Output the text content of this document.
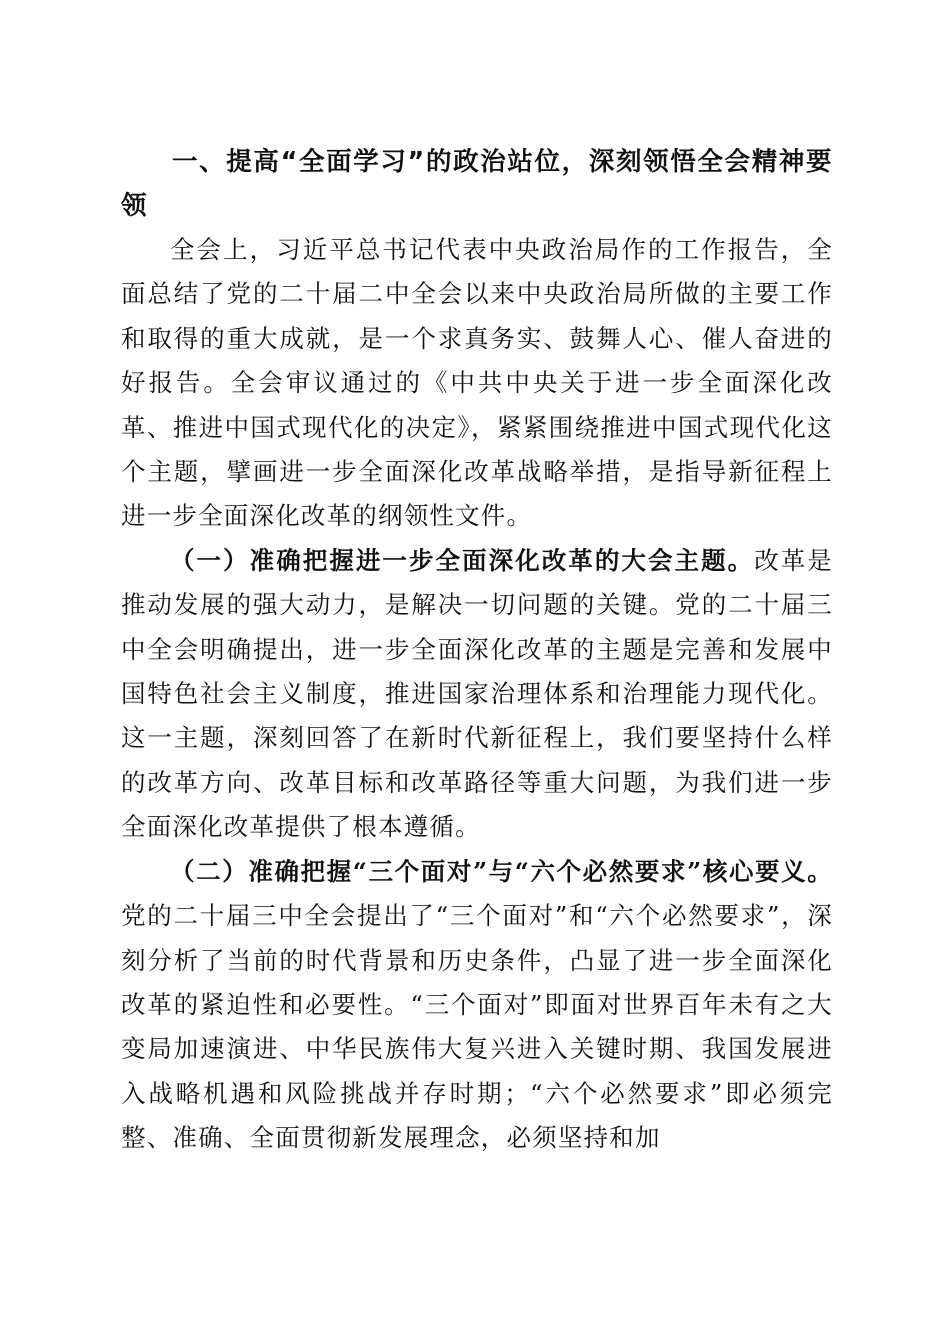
一、提高“全面学习”的政治站位，深刻领悟全会精神要领

全会上，习近平总书记代表中央政治局作的工作报告，全面总结了党的二十届二中全会以来中央政治局所做的主要工作和取得的重大成就，是一个求真务实、鼓舞人心、催人奋进的好报告。全会审议通过的《中共中央关于进一步全面深化改革、推进中国式现代化的决定》，紧紧围绕推进中国式现代化这个主题，擘画进一步全面深化改革战略举措，是指导新征程上进一步全面深化改革的纲领性文件。

（一）准确把握进一步全面深化改革的大会主题。改革是推动发展的强大动力，是解决一切问题的关键。党的二十届三中全会明确提出，进一步全面深化改革的主题是完善和发展中国特色社会主义制度，推进国家治理体系和治理能力现代化。这一主题，深刻回答了在新时代新征程上，我们要坚持什么样的改革方向、改革目标和改革路径等重大问题，为我们进一步全面深化改革提供了根本遵循。

（二）准确把握“三个面对”与“六个必然要求”核心要义。党的二十届三中全会提出了“三个面对”和“六个必然要求”，深刻分析了当前的时代背景和历史条件，凸显了进一步全面深化改革的紧迫性和必要性。“三个面对”即面对世界百年未有之大变局加速演进、中华民族伟大复兴进入关键时期、我国发展进入战略机遇和风险挑战并存时期；“六个必然要求”即必须完整、准确、全面贯彻新发展理念，必须坚持和加
